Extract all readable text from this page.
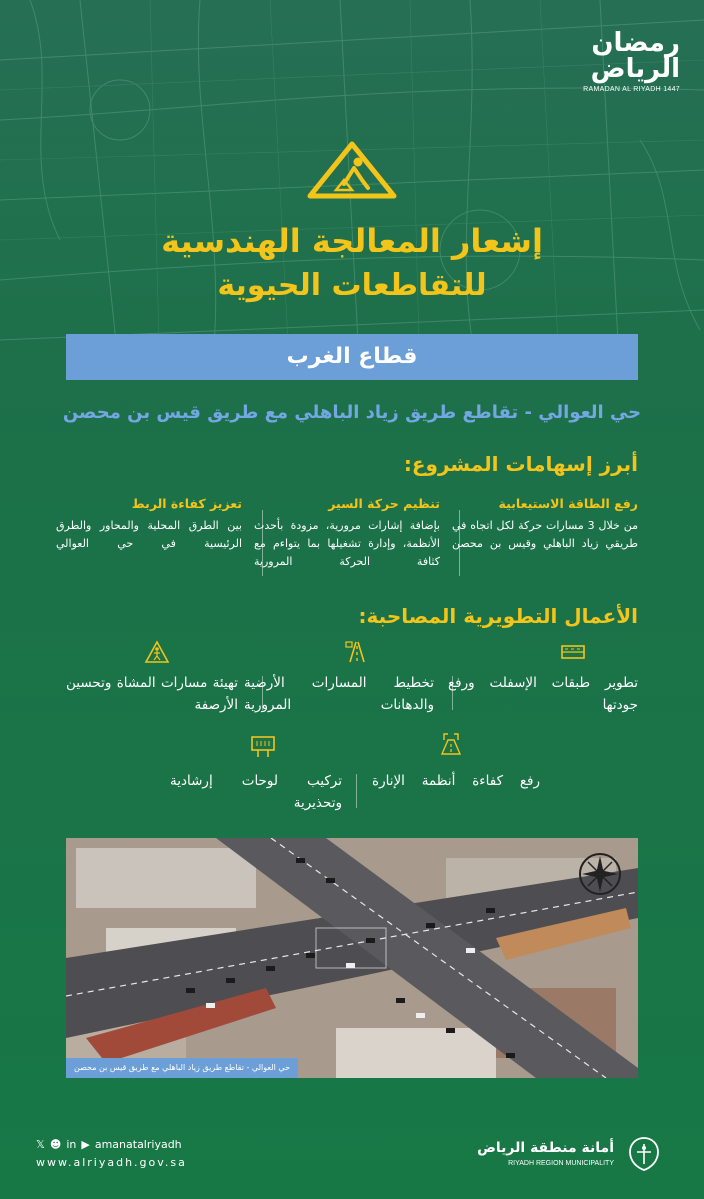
رمضان الرياض
RAMADAN AL RIYADH 1447
إشعار المعالجة الهندسية
للتقاطعات الحيوية
قطاع الغرب
حي العوالي - تقاطع طريق زياد الباهلي مع طريق قيس بن محصن
أبرز إسهامات المشروع:
رفع الطاقة الاستيعابية
من خلال 3 مسارات حركة لكل اتجاه في طريقي زياد الباهلي وقيس بن محصن
تنظيم حركة السير
بإضافة إشارات مرورية، مزودة بأحدث الأنظمة، وإدارة تشغيلها بما يتواءم مع كثافة الحركة المرورية
تعزيز كفاءة الربط
بين الطرق المحلية والمحاور والطرق الرئيسية في حي العوالي
الأعمال التطويرية المصاحبة:
تطوير طبقات الإسفلت ورفع جودتها
تخطيط المسارات الأرضية والدهانات المرورية
تهيئة مسارات المشاة وتحسين الأرصفة
رفع كفاءة أنظمة الإنارة
تركيب لوحات إرشادية وتحذيرية
حي العوالي - تقاطع طريق زياد الباهلي مع طريق قيس بن محصن
𝕏 ☻ in ▶ amanatalriyadh
www.alriyadh.gov.sa
أمانة منطقة الرياض
RIYADH REGION MUNICIPALITY
